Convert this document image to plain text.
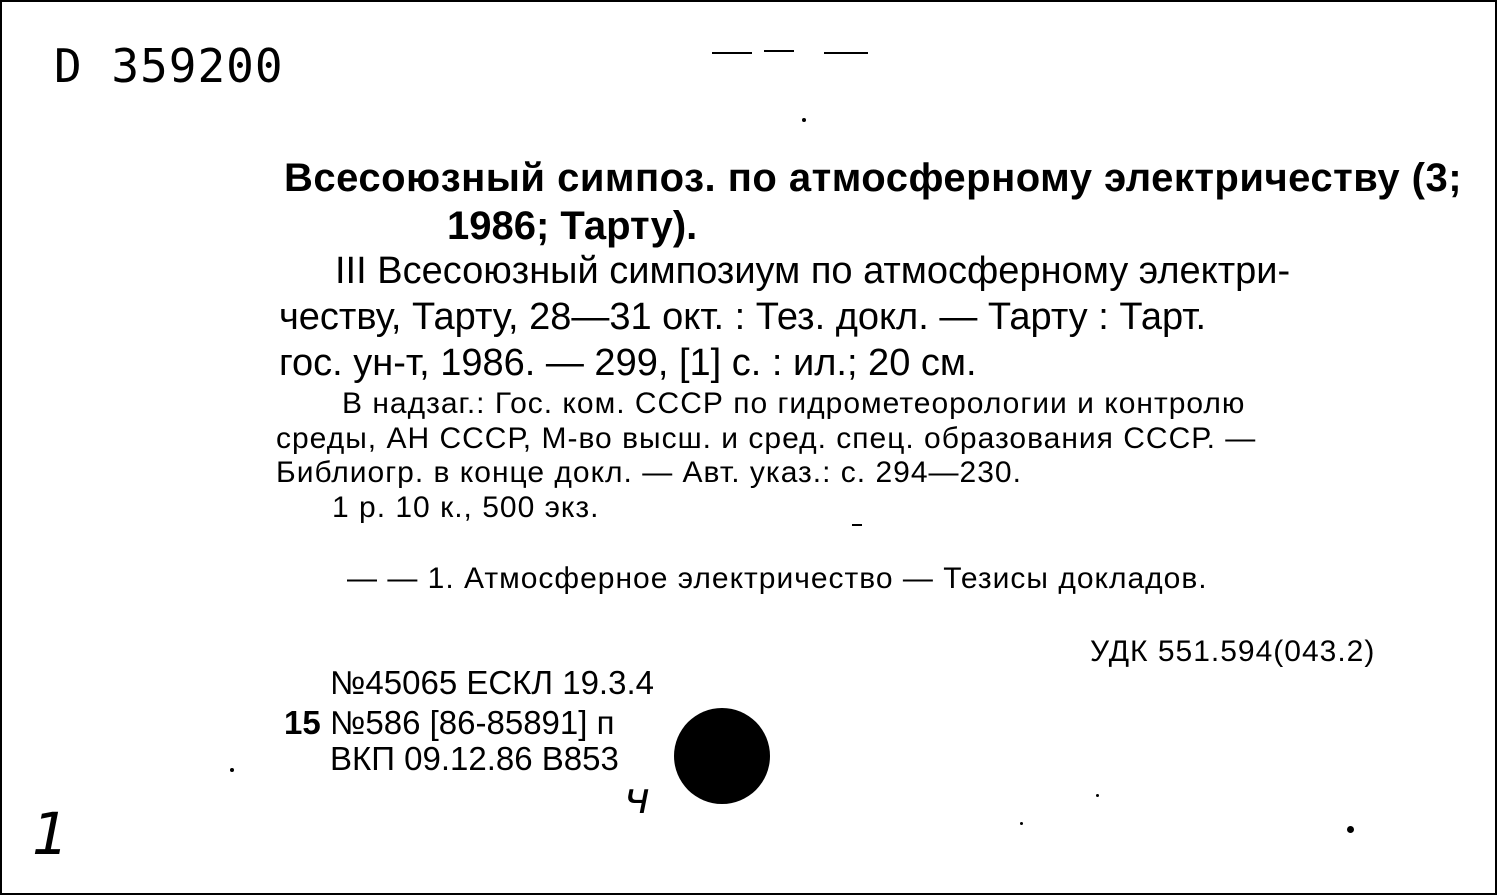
D 359200
Всесоюзный симпоз. по атмосферному электричеству (3;
1986; Тарту).
III Всесоюзный симпозиум по атмосферному электри-
честву, Тарту, 28—31 окт. : Тез. докл. — Тарту : Тарт.
гос. ун-т, 1986. — 299, [1] с. : ил.; 20 см.
В надзаг.: Гос. ком. СССР по гидрометеорологии и контролю
среды, АН СССР, М-во высш. и сред. спец. образования СССР. —
Библиогр. в конце докл. — Авт. указ.: с. 294—230.
1 р. 10 к., 500 экз.
— — 1. Атмосферное электричество — Тезисы докладов.
УДК 551.594(043.2)
№45065 ЕСКЛ 19.3.4
15 №586 [86-85891] п
ВКП 09.12.86 В853
1
ч
